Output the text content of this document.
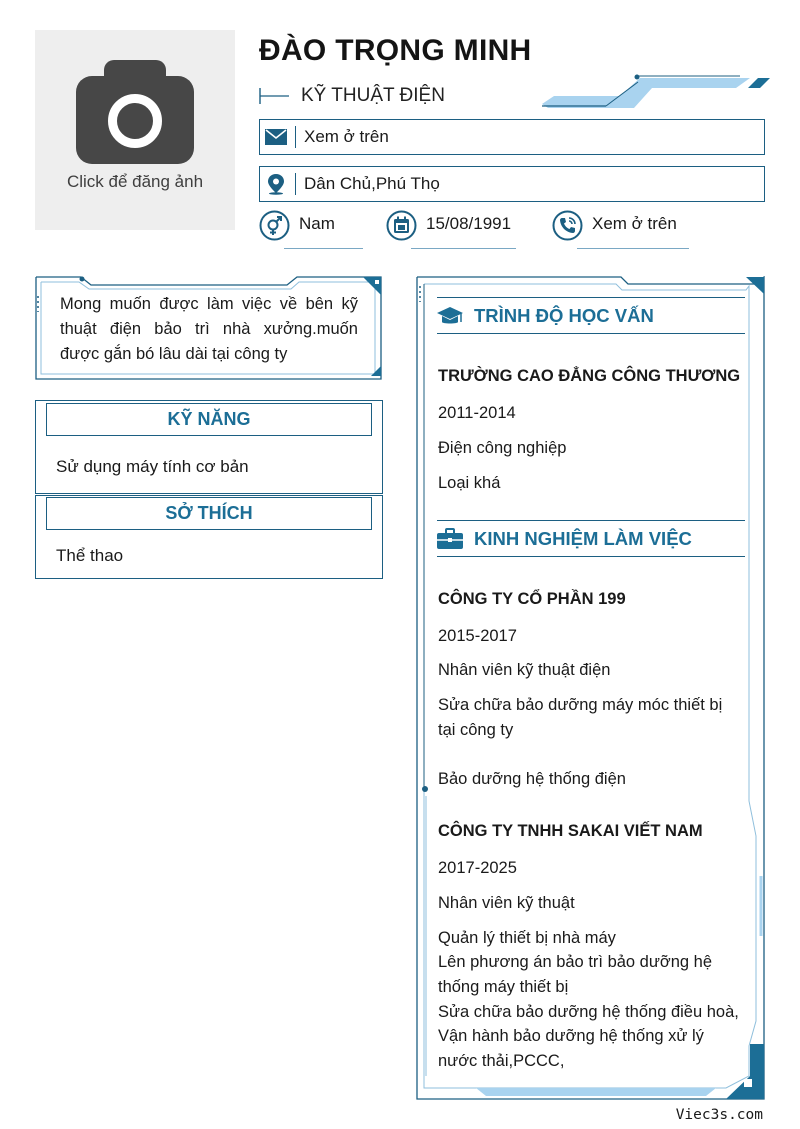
Click để đăng ảnh
ĐÀO TRỌNG MINH
KỸ THUẬT ĐIỆN
Xem ở trên
Dân Chủ,Phú Thọ
Nam	15/08/1991	Xem ở trên
Mong muốn được làm việc về bên kỹ thuật điện bảo trì nhà xưởng.muốn được gắn bó lâu dài tại công ty
KỸ NĂNG
Sử dụng máy tính cơ bản
SỞ THÍCH
Thể thao
TRÌNH ĐỘ HỌC VẤN
TRƯỜNG CAO ĐẲNG CÔNG THƯƠNG
2011-2014
Điện công nghiệp
Loại khá
KINH NGHIỆM LÀM VIỆC
CÔNG TY CỔ PHẦN 199
2015-2017
Nhân viên kỹ thuật điện
Sửa chữa bảo dưỡng máy móc thiết bị
tại công ty
Bảo dưỡng hệ thống điện
CÔNG TY TNHH SAKAI VIẾT NAM
2017-2025
Nhân viên kỹ thuật
Quản lý thiết bị nhà máy
Lên phương án bảo trì bảo dưỡng hệ
thống máy thiết bị
Sửa chữa bảo dưỡng hệ thống điều hoà,
Vận hành bảo dưỡng hệ thống xử lý
nước thải,PCCC,
Viec3s.com
